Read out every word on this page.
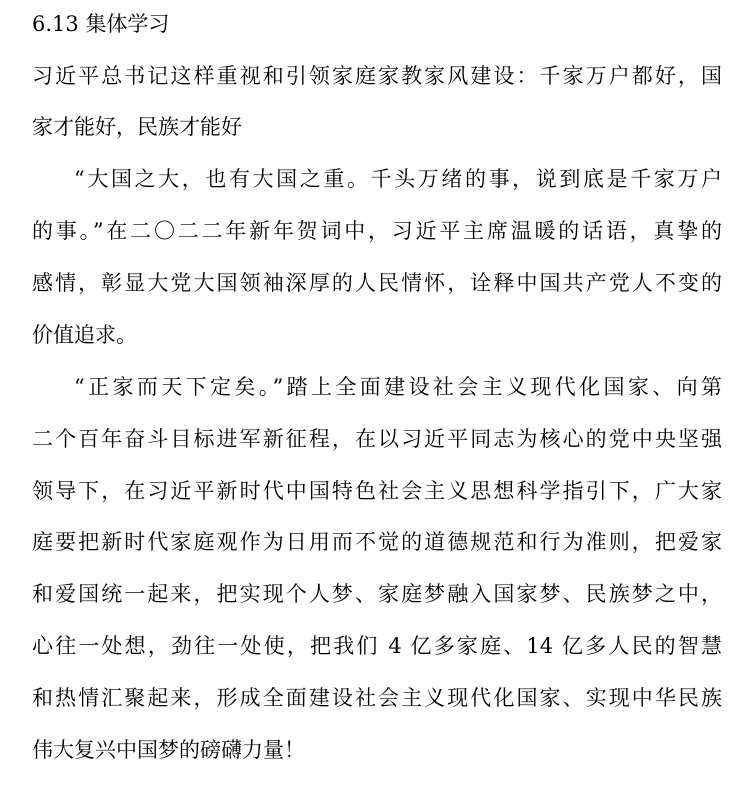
6.13 集体学习
习近平总书记这样重视和引领家庭家教家风建设：千家万户都好，国
家才能好，民族才能好
“大国之大，也有大国之重。千头万绪的事，说到底是千家万户
的事。”在二〇二二年新年贺词中，习近平主席温暖的话语，真挚的
感情，彰显大党大国领袖深厚的人民情怀，诠释中国共产党人不变的
价值追求。
“正家而天下定矣。”踏上全面建设社会主义现代化国家、向第
二个百年奋斗目标进军新征程，在以习近平同志为核心的党中央坚强
领导下，在习近平新时代中国特色社会主义思想科学指引下，广大家
庭要把新时代家庭观作为日用而不觉的道德规范和行为准则，把爱家
和爱国统一起来，把实现个人梦、家庭梦融入国家梦、民族梦之中，
心往一处想，劲往一处使，把我们 4 亿多家庭、14 亿多人民的智慧
和热情汇聚起来，形成全面建设社会主义现代化国家、实现中华民族
伟大复兴中国梦的磅礴力量！
